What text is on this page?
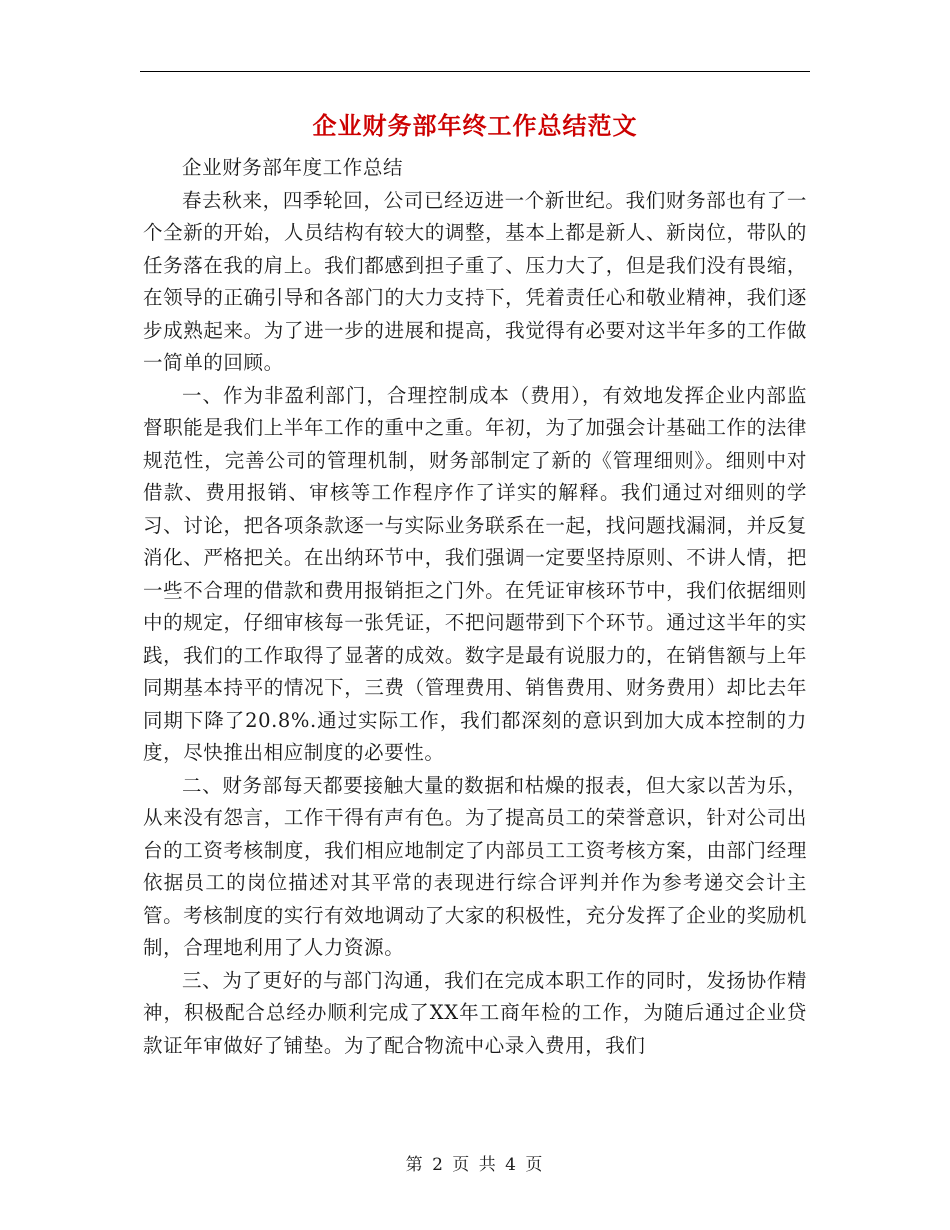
企业财务部年终工作总结范文

企业财务部年度工作总结

春去秋来，四季轮回，公司已经迈进一个新世纪。我们财务部也有了一个全新的开始，人员结构有较大的调整，基本上都是新人、新岗位，带队的任务落在我的肩上。我们都感到担子重了、压力大了，但是我们没有畏缩，在领导的正确引导和各部门的大力支持下，凭着责任心和敬业精神，我们逐步成熟起来。为了进一步的进展和提高，我觉得有必要对这半年多的工作做一简单的回顾。

一、作为非盈利部门，合理控制成本（费用），有效地发挥企业内部监督职能是我们上半年工作的重中之重。年初，为了加强会计基础工作的法律规范性，完善公司的管理机制，财务部制定了新的《管理细则》。细则中对借款、费用报销、审核等工作程序作了详实的解释。我们通过对细则的学习、讨论，把各项条款逐一与实际业务联系在一起，找问题找漏洞，并反复消化、严格把关。在出纳环节中，我们强调一定要坚持原则、不讲人情，把一些不合理的借款和费用报销拒之门外。在凭证审核环节中，我们依据细则中的规定，仔细审核每一张凭证，不把问题带到下个环节。通过这半年的实践，我们的工作取得了显著的成效。数字是最有说服力的，在销售额与上年同期基本持平的情况下，三费（管理费用、销售费用、财务费用）却比去年同期下降了20.8%.通过实际工作，我们都深刻的意识到加大成本控制的力度，尽快推出相应制度的必要性。

二、财务部每天都要接触大量的数据和枯燥的报表，但大家以苦为乐，从来没有怨言，工作干得有声有色。为了提高员工的荣誉意识，针对公司出台的工资考核制度，我们相应地制定了内部员工工资考核方案，由部门经理依据员工的岗位描述对其平常的表现进行综合评判并作为参考递交会计主管。考核制度的实行有效地调动了大家的积极性，充分发挥了企业的奖励机制，合理地利用了人力资源。

三、为了更好的与部门沟通，我们在完成本职工作的同时，发扬协作精神，积极配合总经办顺利完成了XX年工商年检的工作，为随后通过企业贷款证年审做好了铺垫。为了配合物流中心录入费用，我们

第 2 页 共 4 页
